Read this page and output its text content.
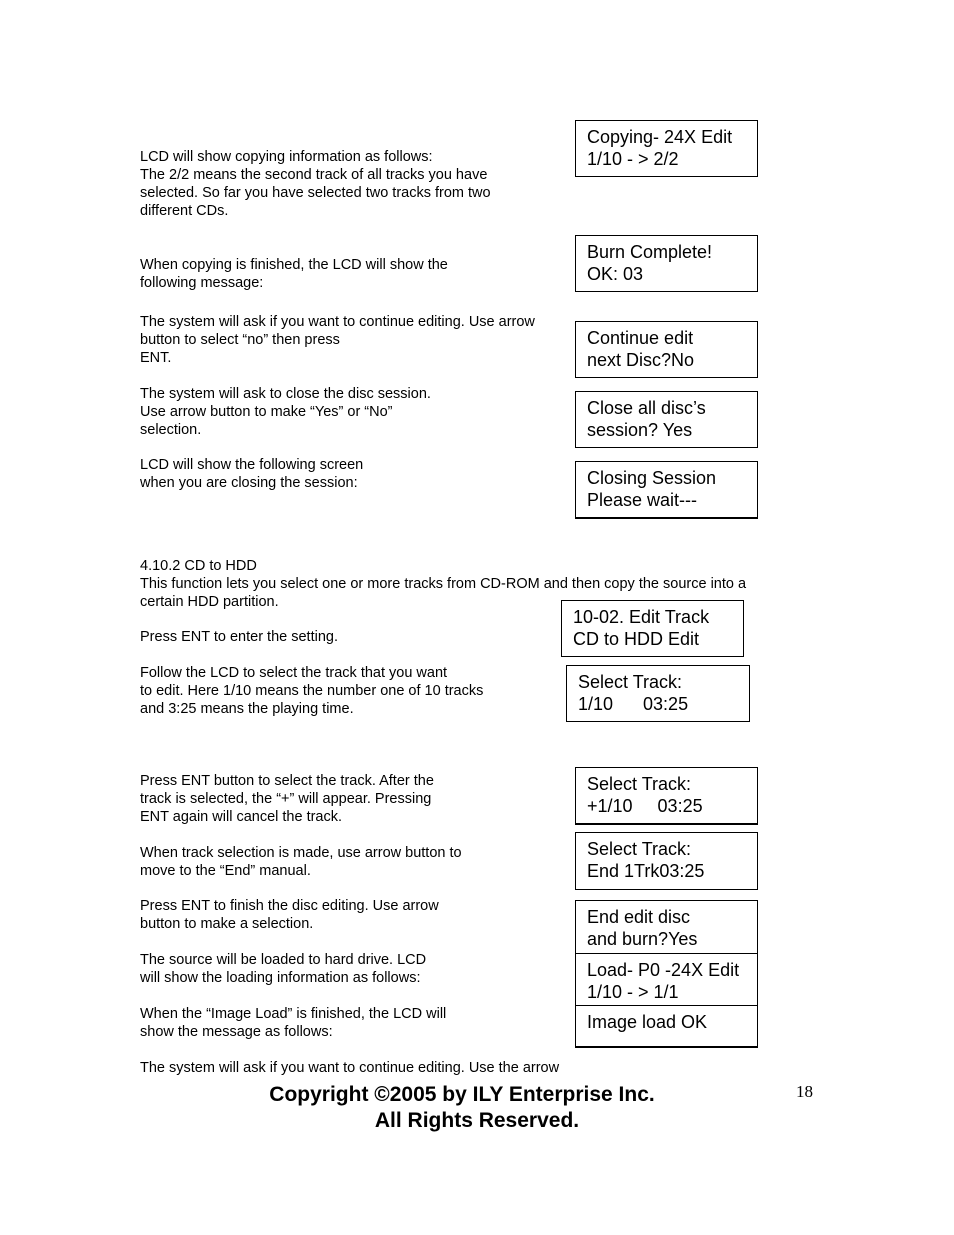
LCD will show copying information as follows:
The 2/2 means the second track of all tracks you have
selected. So far you have selected two tracks from two
different CDs.

When copying is finished, the LCD will show the
following message:

The system will ask if you want to continue editing. Use arrow
button to select “no” then press
ENT.

The system will ask to close the disc session.
Use arrow button to make “Yes” or “No”
selection.

LCD will show the following screen
when you are closing the session:

4.10.2 CD to HDD

This function lets you select one or more tracks from CD-ROM and then copy the source into a
certain HDD partition.

Press ENT to enter the setting.

Follow the LCD to select the track that you want
to edit. Here 1/10 means the number one of 10 tracks
and 3:25 means the playing time.

Press ENT button to select the track. After the
track is selected, the “+” will appear. Pressing
ENT again will cancel the track.

When track selection is made, use arrow button to
move to the “End” manual.

Press ENT to finish the disc editing. Use arrow
button to make a selection.

The source will be loaded to hard drive. LCD
will show the loading information as follows:

When the “Image Load” is finished, the LCD will
show the message as follows:

The system will ask if you want to continue editing. Use the arrow

Copying- 24X Edit
1/10 - > 2/2
Burn Complete!
OK: 03
Continue edit
next Disc?No
Close all disc’s
session? Yes
Closing Session
Please wait---
10-02. Edit Track
CD to HDD Edit
Select Track:
1/10      03:25
Select Track:
+1/10     03:25
Select Track:
End 1Trk03:25
End edit disc
and burn?Yes
Load- P0 -24X Edit
1/10 - > 1/1
Image load OK
Copyright ©2005 by ILY Enterprise Inc.
All Rights Reserved.
18
